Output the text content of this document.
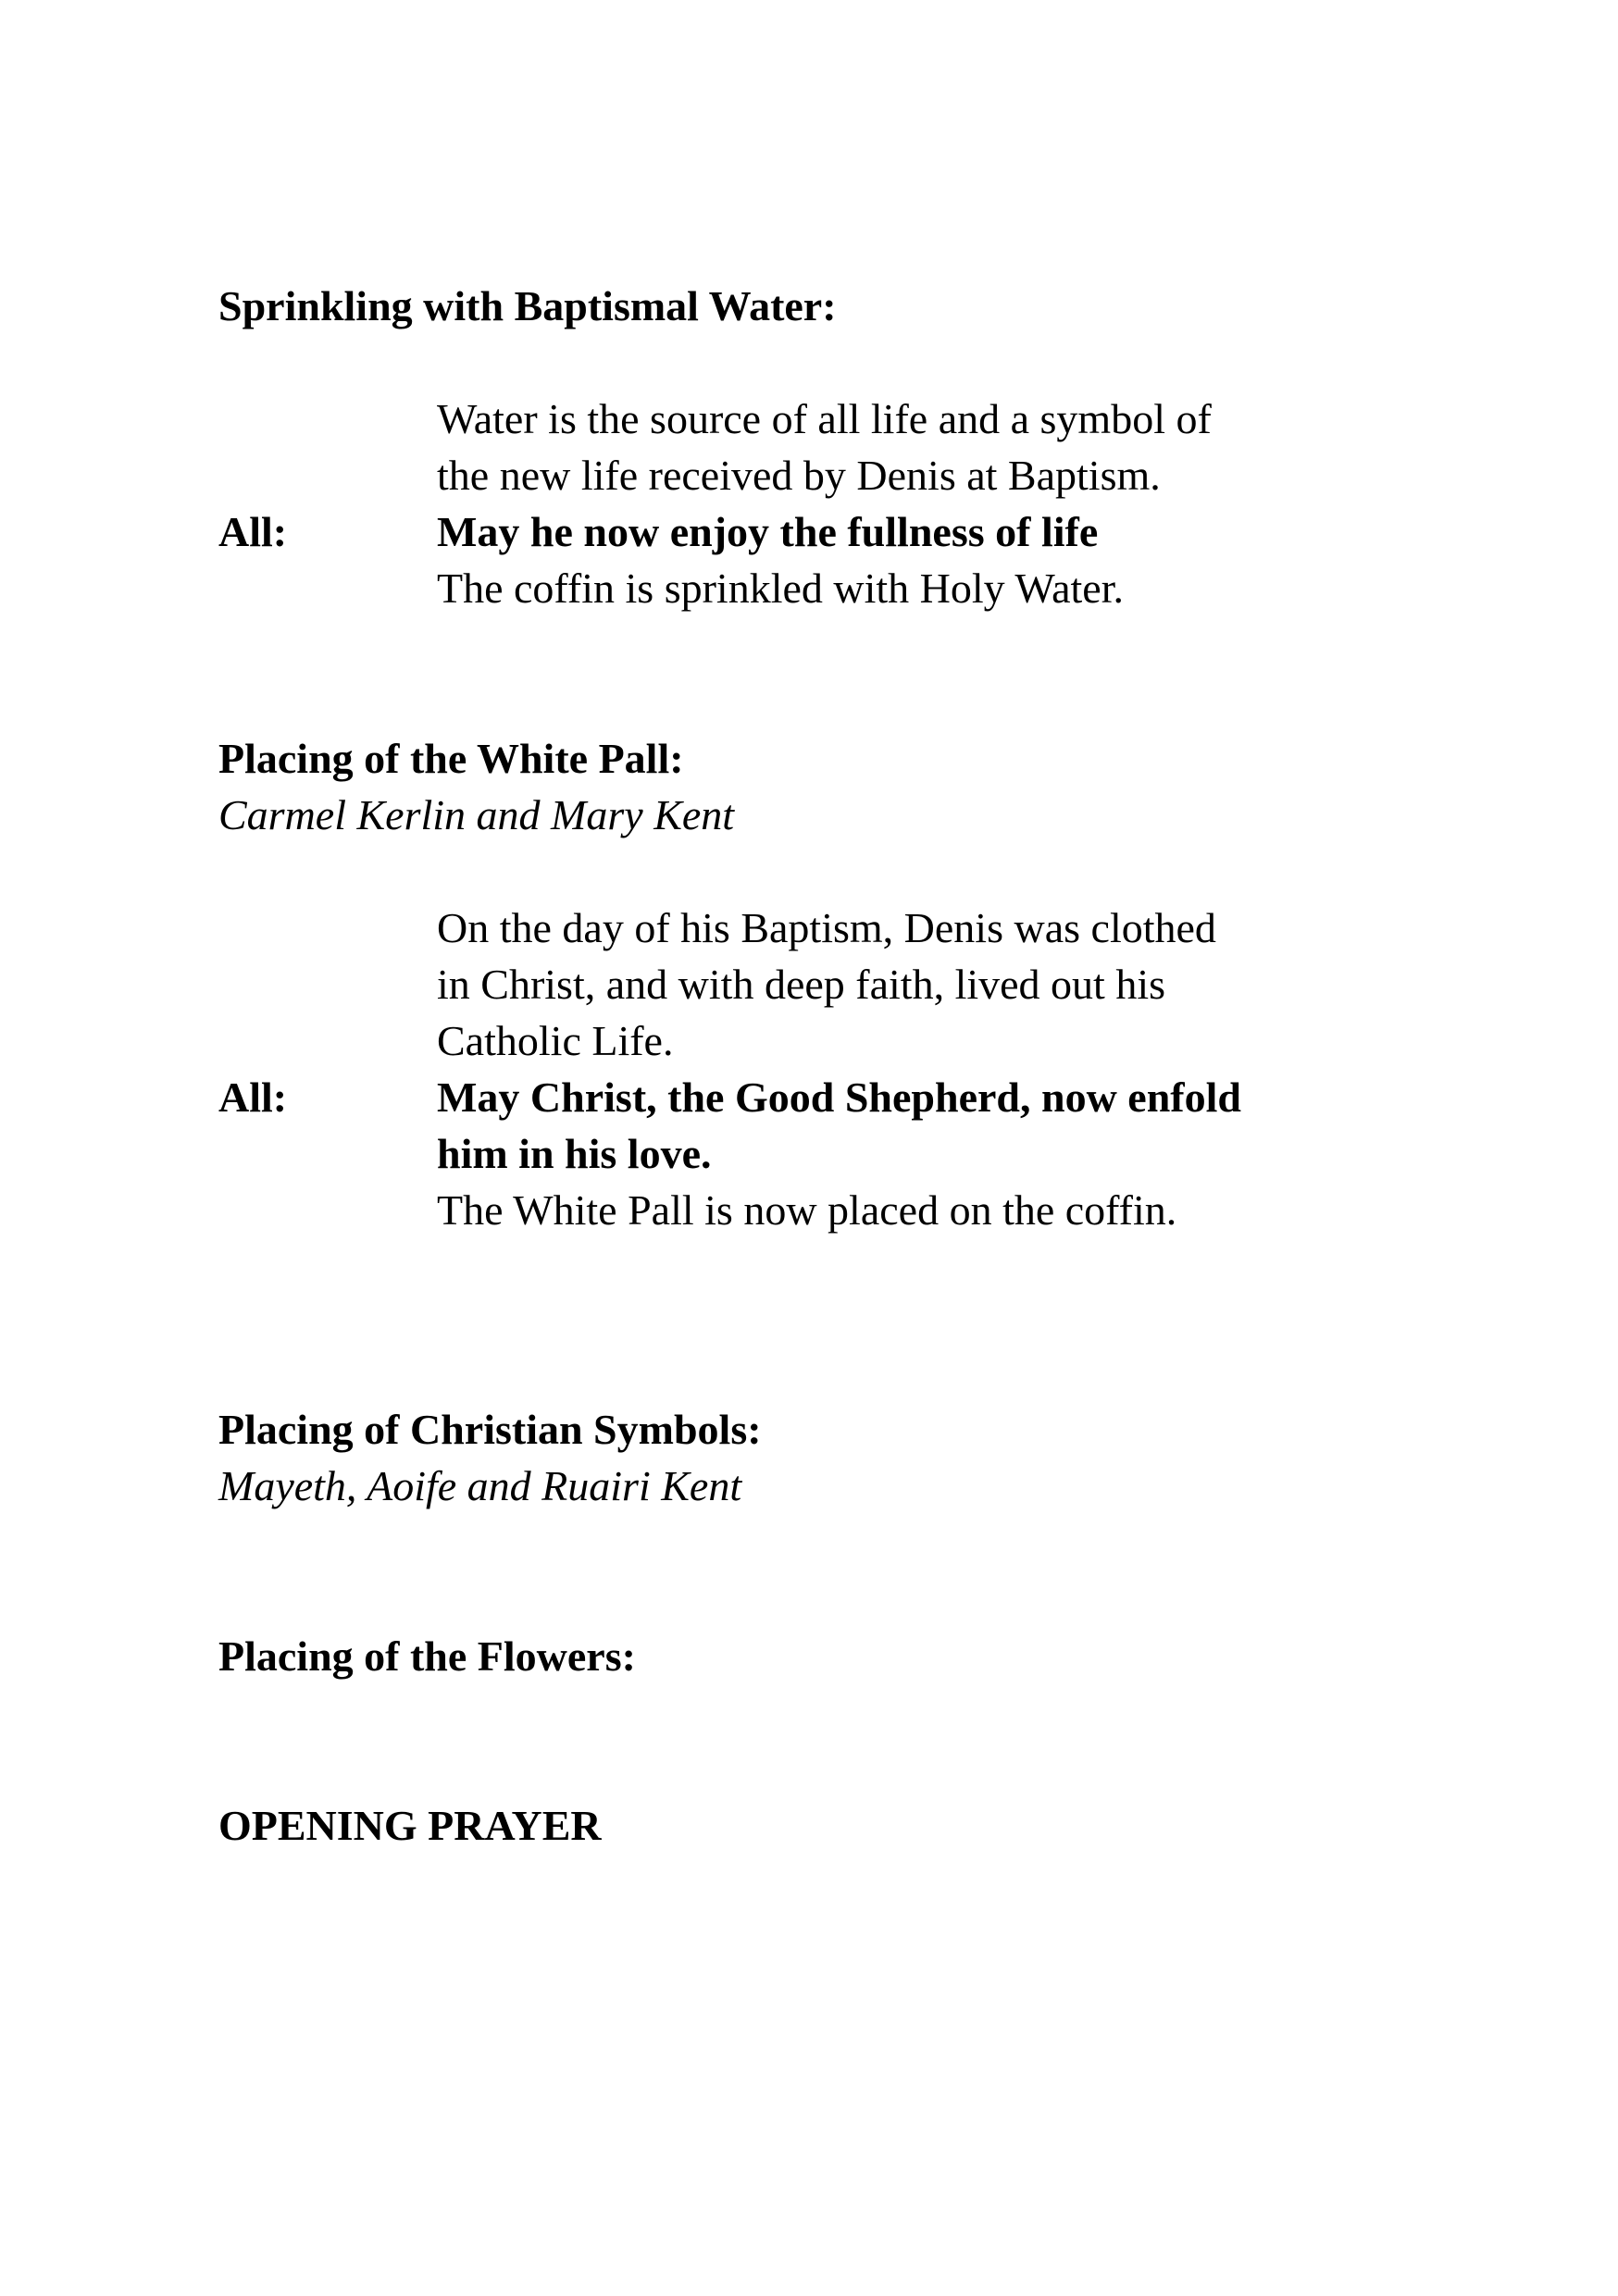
Sprinkling with Baptismal Water:
Water is the source of all life and a symbol of
the new life received by Denis at Baptism.
All:	May he now enjoy the fullness of life
The coffin is sprinkled with Holy Water.
Placing of the White Pall:
Carmel Kerlin and Mary Kent
On the day of his Baptism, Denis was clothed
in Christ, and with deep faith, lived out his
Catholic Life.
All:	May Christ, the Good Shepherd, now enfold
him in his love.
The White Pall is now placed on the coffin.
Placing of Christian Symbols:
Mayeth, Aoife and Ruairi Kent
Placing of the Flowers:
OPENING PRAYER
